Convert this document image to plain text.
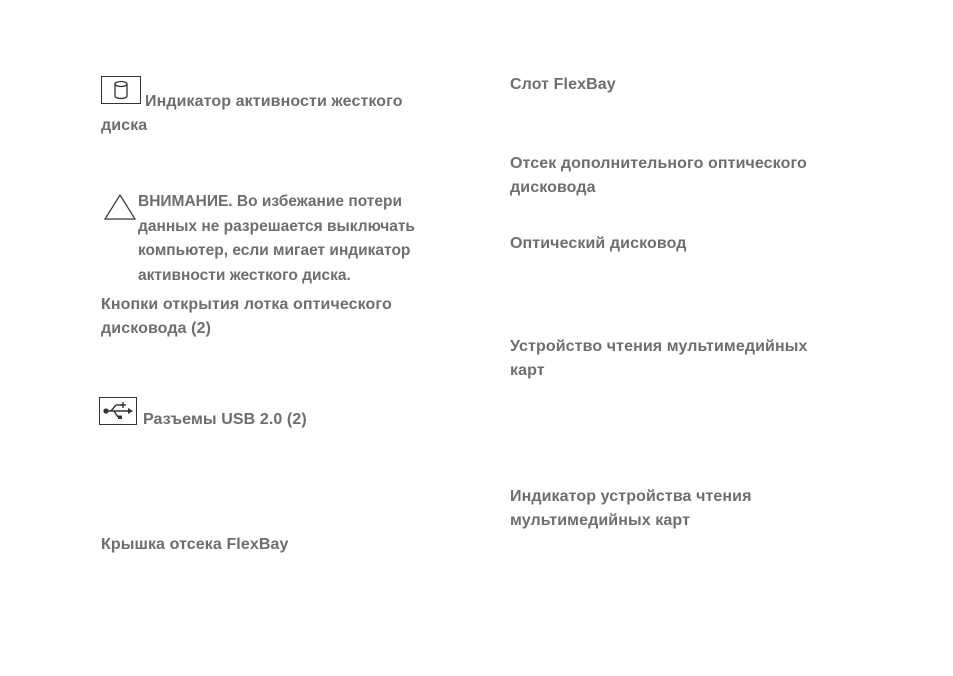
Индикатор активности жесткого диска
ВНИМАНИЕ. Во избежание потери данных не разрешается выключать компьютер, если мигает индикатор активности жесткого диска.
Кнопки открытия лотка оптического дисковода (2)
Разъемы USB 2.0 (2)
Крышка отсека FlexBay
Слот FlexBay
Отсек дополнительного оптического дисковода
Оптический дисковод
Устройство чтения мультимедийных карт
Индикатор устройства чтения мультимедийных карт
